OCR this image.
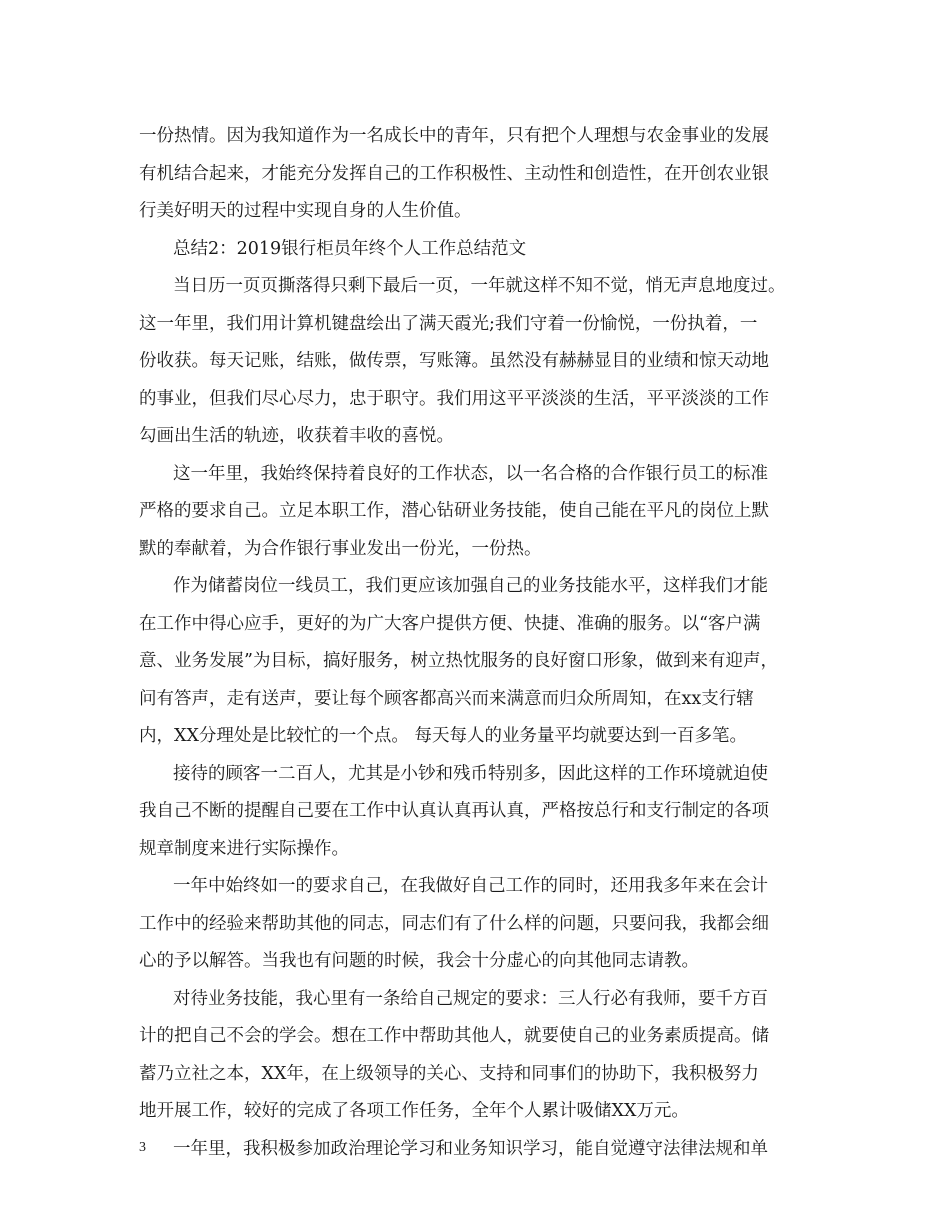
一份热情。因为我知道作为一名成长中的青年，只有把个人理想与农金事业的发展
有机结合起来，才能充分发挥自己的工作积极性、主动性和创造性，在开创农业银
行美好明天的过程中实现自身的人生价值。
总结2：2019银行柜员年终个人工作总结范文
当日历一页页撕落得只剩下最后一页，一年就这样不知不觉，悄无声息地度过。
这一年里，我们用计算机键盘绘出了满天霞光;我们守着一份愉悦，一份执着，一
份收获。每天记账，结账，做传票，写账簿。虽然没有赫赫显目的业绩和惊天动地
的事业，但我们尽心尽力，忠于职守。我们用这平平淡淡的生活，平平淡淡的工作
勾画出生活的轨迹，收获着丰收的喜悦。
这一年里，我始终保持着良好的工作状态，以一名合格的合作银行员工的标准
严格的要求自己。立足本职工作，潜心钻研业务技能，使自己能在平凡的岗位上默
默的奉献着，为合作银行事业发出一份光，一份热。
作为储蓄岗位一线员工，我们更应该加强自己的业务技能水平，这样我们才能
在工作中得心应手，更好的为广大客户提供方便、快捷、准确的服务。以“客户满
意、业务发展”为目标，搞好服务，树立热忱服务的良好窗口形象，做到来有迎声，
问有答声，走有送声，要让每个顾客都高兴而来满意而归众所周知，在xx支行辖
内，XX分理处是比较忙的一个点。 每天每人的业务量平均就要达到一百多笔。
接待的顾客一二百人，尤其是小钞和残币特别多，因此这样的工作环境就迫使
我自己不断的提醒自己要在工作中认真认真再认真，严格按总行和支行制定的各项
规章制度来进行实际操作。
一年中始终如一的要求自己，在我做好自己工作的同时，还用我多年来在会计
工作中的经验来帮助其他的同志，同志们有了什么样的问题，只要问我，我都会细
心的予以解答。当我也有问题的时候，我会十分虚心的向其他同志请教。
对待业务技能，我心里有一条给自己规定的要求：三人行必有我师，要千方百
计的把自己不会的学会。想在工作中帮助其他人，就要使自己的业务素质提高。储
蓄乃立社之本，XX年，在上级领导的关心、支持和同事们的协助下，我积极努力
地开展工作，较好的完成了各项工作任务，全年个人累计吸储XX万元。
一年里，我积极参加政治理论学习和业务知识学习，能自觉遵守法律法规和单
3
